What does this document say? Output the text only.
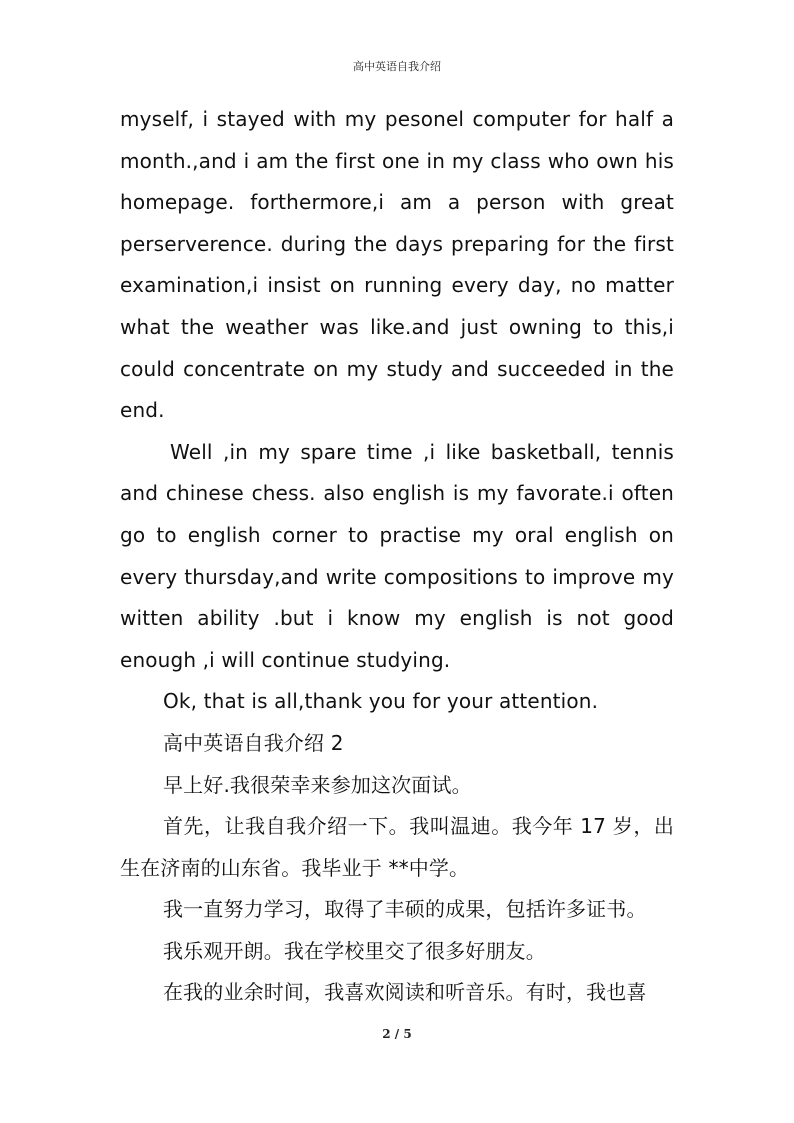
高中英语自我介绍

myself, i stayed with my pesonel computer for half a month.,and i am the first one in my class who own his homepage. forthermore,i am a person with great perserverence. during the days preparing for the first examination,i insist on running every day, no matter what the weather was like.and just owning to this,i could concentrate on my study and succeeded in the end.

Well ,in my spare time ,i like basketball, tennis and chinese chess. also english is my favorate.i often go to english corner to practise my oral english on every thursday,and write compositions to improve my witten ability .but i know my english is not good enough ,i will continue studying.

Ok, that is all,thank you for your attention.

高中英语自我介绍 2

早上好.我很荣幸来参加这次面试。

首先，让我自我介绍一下。我叫温迪。我今年 17 岁，出生在济南的山东省。我毕业于 **中学。

我一直努力学习，取得了丰硕的成果，包括许多证书。

我乐观开朗。我在学校里交了很多好朋友。

在我的业余时间，我喜欢阅读和听音乐。有时，我也喜

2 / 5
